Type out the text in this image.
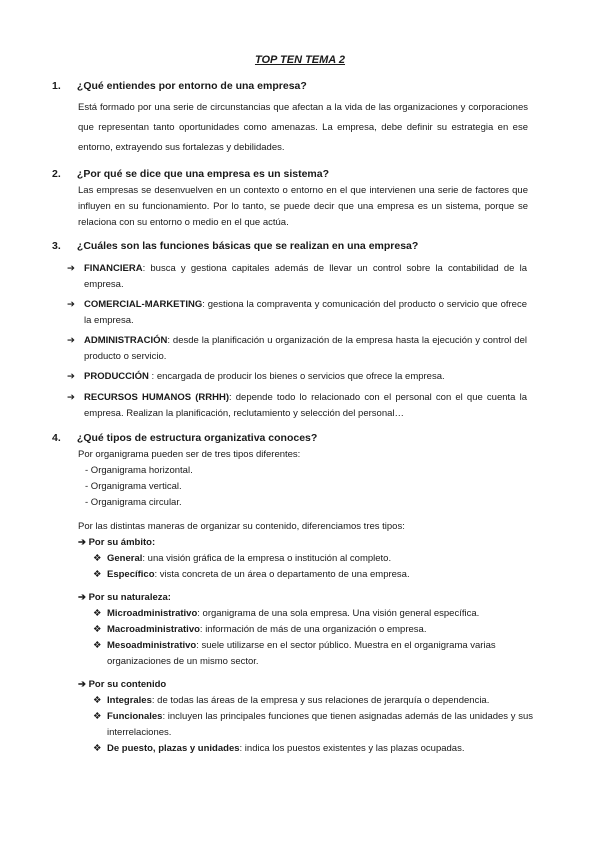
TOP TEN TEMA 2
1. ¿Qué entiendes por entorno de una empresa?
Está formado por una serie de circunstancias que afectan a la vida de las organizaciones y corporaciones que representan tanto oportunidades como amenazas. La empresa, debe definir su estrategia en ese entorno, extrayendo sus fortalezas y debilidades.
2. ¿Por qué se dice que una empresa es un sistema?
Las empresas se desenvuelven en un contexto o entorno en el que intervienen una serie de factores que influyen en su funcionamiento. Por lo tanto, se puede decir que una empresa es un sistema, porque se relaciona con su entorno o medio en el que actúa.
3. ¿Cuáles son las funciones básicas que se realizan en una empresa?
➔ FINANCIERA: busca y gestiona capitales además de llevar un control sobre la contabilidad de la empresa.
➔ COMERCIAL-MARKETING: gestiona la compraventa y comunicación del producto o servicio que ofrece la empresa.
➔ ADMINISTRACIÓN: desde la planificación u organización de la empresa hasta la ejecución y control del producto o servicio.
➔ PRODUCCIÓN : encargada de producir los bienes o servicios que ofrece la empresa.
➔ RECURSOS HUMANOS (RRHH): depende todo lo relacionado con el personal con el que cuenta la empresa. Realizan la planificación, reclutamiento y selección del personal…
4. ¿Qué tipos de estructura organizativa conoces?
Por organigrama pueden ser de tres tipos diferentes:
- Organigrama horizontal.
- Organigrama vertical.
- Organigrama circular.
Por las distintas maneras de organizar su contenido, diferenciamos tres tipos:
➔ Por su ámbito:
❖ General: una visión gráfica de la empresa o institución al completo.
❖ Específico: vista concreta de un área o departamento de una empresa.
➔ Por su naturaleza:
❖ Microadministrativo: organigrama de una sola empresa. Una visión general específica.
❖ Macroadministrativo: información de más de una organización o empresa.
❖ Mesoadministrativo: suele utilizarse en el sector público. Muestra en el organigrama varias organizaciones de un mismo sector.
➔ Por su contenido
❖ Integrales: de todas las áreas de la empresa y sus relaciones de jerarquía o dependencia.
❖ Funcionales: incluyen las principales funciones que tienen asignadas además de las unidades y sus interrelaciones.
❖ De puesto, plazas y unidades: indica los puestos existentes y las plazas ocupadas.
